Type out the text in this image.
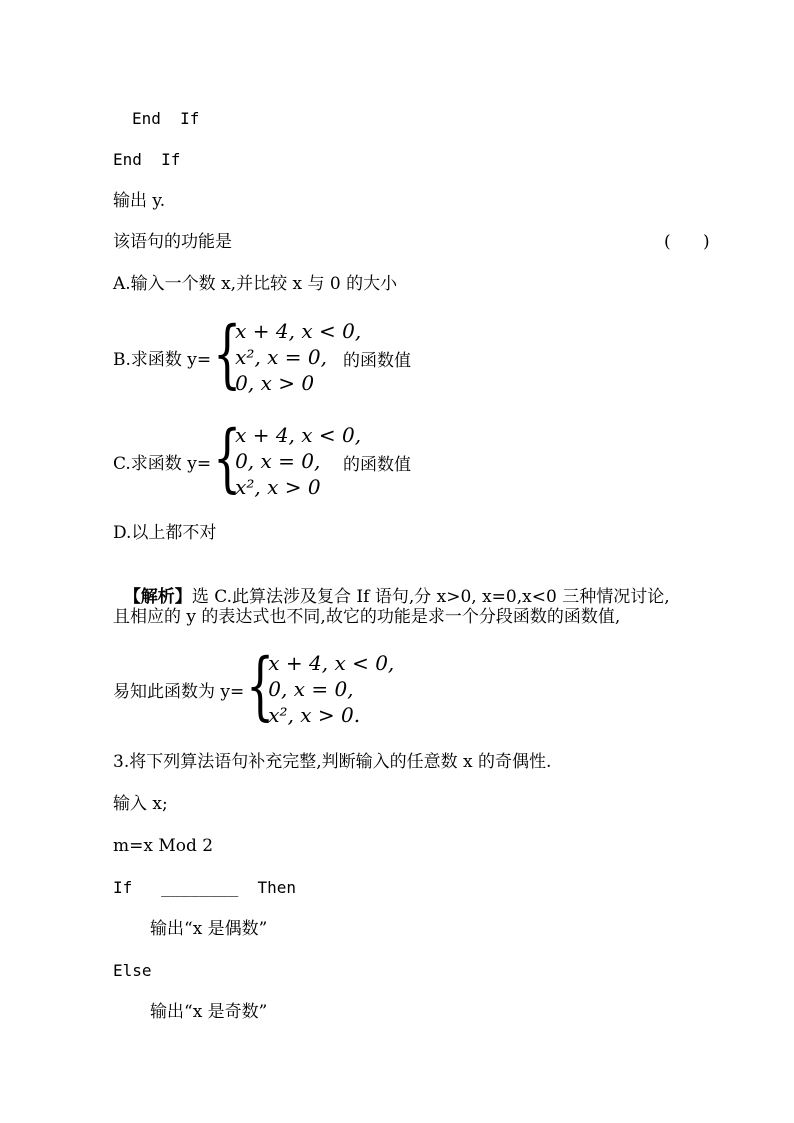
End  If
End  If
输出 y.
该语句的功能是	(      )
A.输入一个数 x,并比较 x 与 0 的大小
B.求函数 y= {
x + 4, x < 0,
x², x = 0,
0, x > 0
的函数值
C.求函数 y= {
x + 4, x < 0,
0, x = 0,
x², x > 0
的函数值
D.以上都不对

【解析】选 C.此算法涉及复合 If 语句,分 x>0, x=0,x<0 三种情况讨论,

且相应的 y 的表达式也不同,故它的功能是求一个分段函数的函数值,
易知此函数为 y= {
x + 4, x < 0,
0, x = 0,
x², x > 0.
3.将下列算法语句补充完整,判断输入的任意数 x 的奇偶性.
输入 x;
m=x Mod 2
If   ________  Then
输出“x 是偶数”
Else
输出“x 是奇数”
